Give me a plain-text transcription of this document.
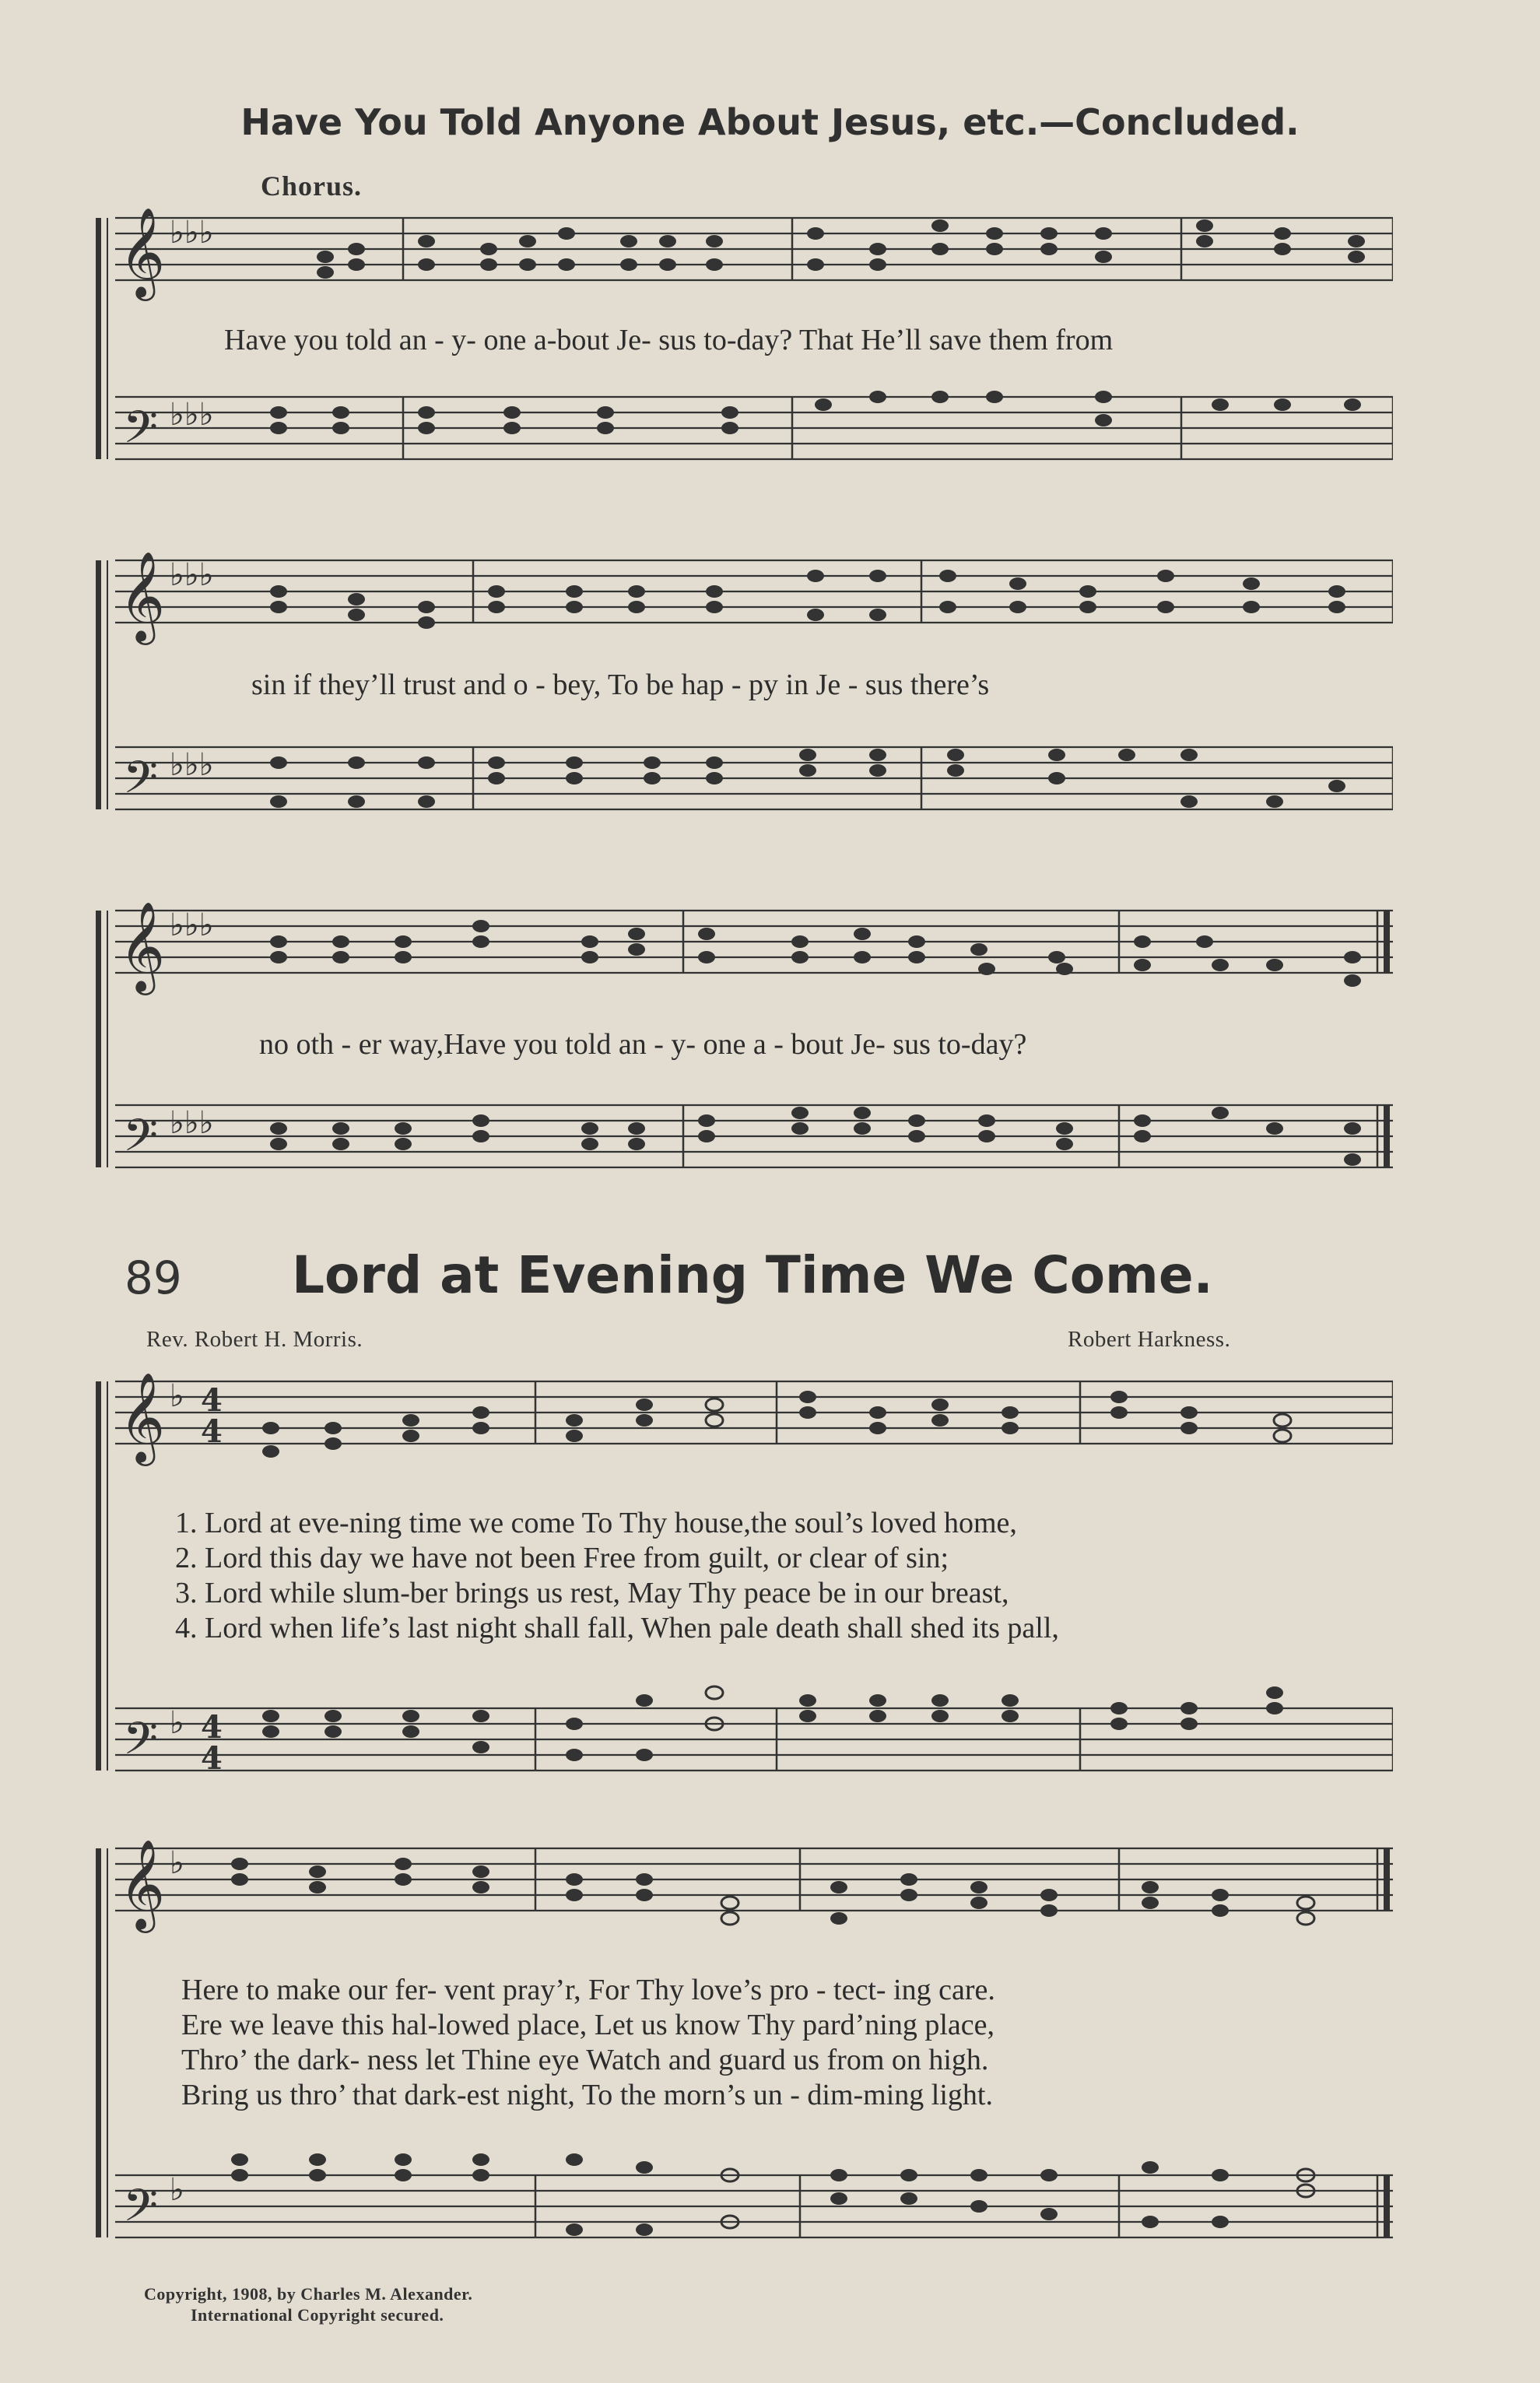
Have You Told Anyone About Jesus, etc.—Concluded.
Chorus.
𝄞
𝄢
♭♭♭
♭♭♭
Have you told an - y- one a-bout Je- sus to-day? That He’ll save them from
𝄞
𝄢
♭♭♭
♭♭♭
sin if they’ll trust and o - bey, To be hap - py in Je - sus there’s
𝄞
𝄢
♭♭♭
♭♭♭
no oth - er way,Have you told an - y- one a - bout Je- sus to-day?
89 Lord at Evening Time We Come.
Rev. Robert H. Morris.	Robert Harkness.
𝄞
𝄢
♭
♭
4
4
4
4
1. Lord at eve-ning time we come To Thy house,the soul’s loved home,
2. Lord this day we have not been Free from guilt, or clear of sin;
3. Lord while slum-ber brings us rest, May Thy peace be in our breast,
4. Lord when life’s last night shall fall, When pale death shall shed its pall,
𝄞
𝄢
♭
♭
Here to make our fer- vent pray’r, For Thy love’s pro - tect- ing care.
Ere we leave this hal-lowed place, Let us know Thy pard’ning place,
Thro’ the dark- ness let Thine eye Watch and guard us from on high.
Bring us thro’ that dark-est night, To the morn’s un - dim-ming light.
Copyright, 1908, by Charles M. Alexander.
International Copyright secured.
